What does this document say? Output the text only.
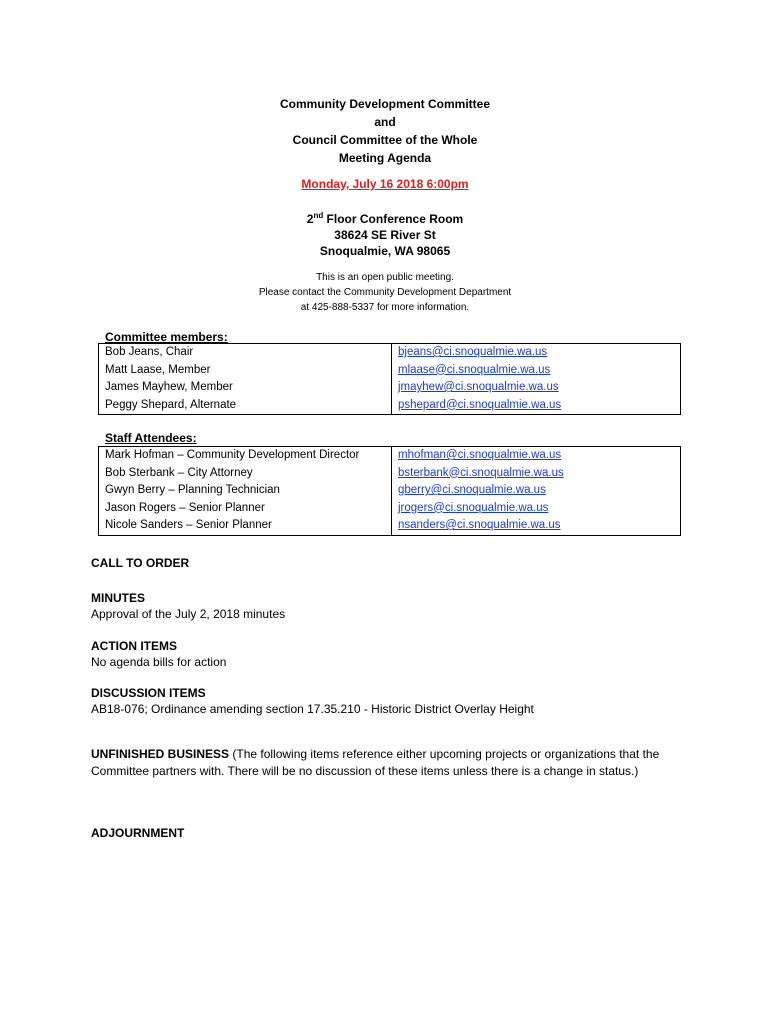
Community Development Committee
and
Council Committee of the Whole
Meeting Agenda
Monday, July 16 2018 6:00pm
2nd Floor Conference Room
38624 SE River St
Snoqualmie, WA 98065
This is an open public meeting.
Please contact the Community Development Department
at 425-888-5337 for more information.
Committee members:
Bob Jeans, Chair	bjeans@ci.snoqualmie.wa.us
Matt Laase, Member	mlaase@ci.snoqualmie.wa.us
James Mayhew, Member	jmayhew@ci.snoqualmie.wa.us
Peggy Shepard, Alternate	pshepard@ci.snoqualmie.wa.us
Staff Attendees:
Mark Hofman – Community Development Director	mhofman@ci.snoqualmie.wa.us
Bob Sterbank – City Attorney	bsterbank@ci.snoqualmie.wa.us
Gwyn Berry – Planning Technician	gberry@ci.snoqualmie.wa.us
Jason Rogers – Senior Planner	jrogers@ci.snoqualmie.wa.us
Nicole Sanders – Senior Planner	nsanders@ci.snoqualmie.wa.us
CALL TO ORDER
MINUTES
Approval of the July 2, 2018 minutes
ACTION ITEMS
No agenda bills for action
DISCUSSION ITEMS
AB18-076; Ordinance amending section 17.35.210 - Historic District Overlay Height
UNFINISHED BUSINESS (The following items reference either upcoming projects or organizations that the Committee partners with. There will be no discussion of these items unless there is a change in status.)
ADJOURNMENT
